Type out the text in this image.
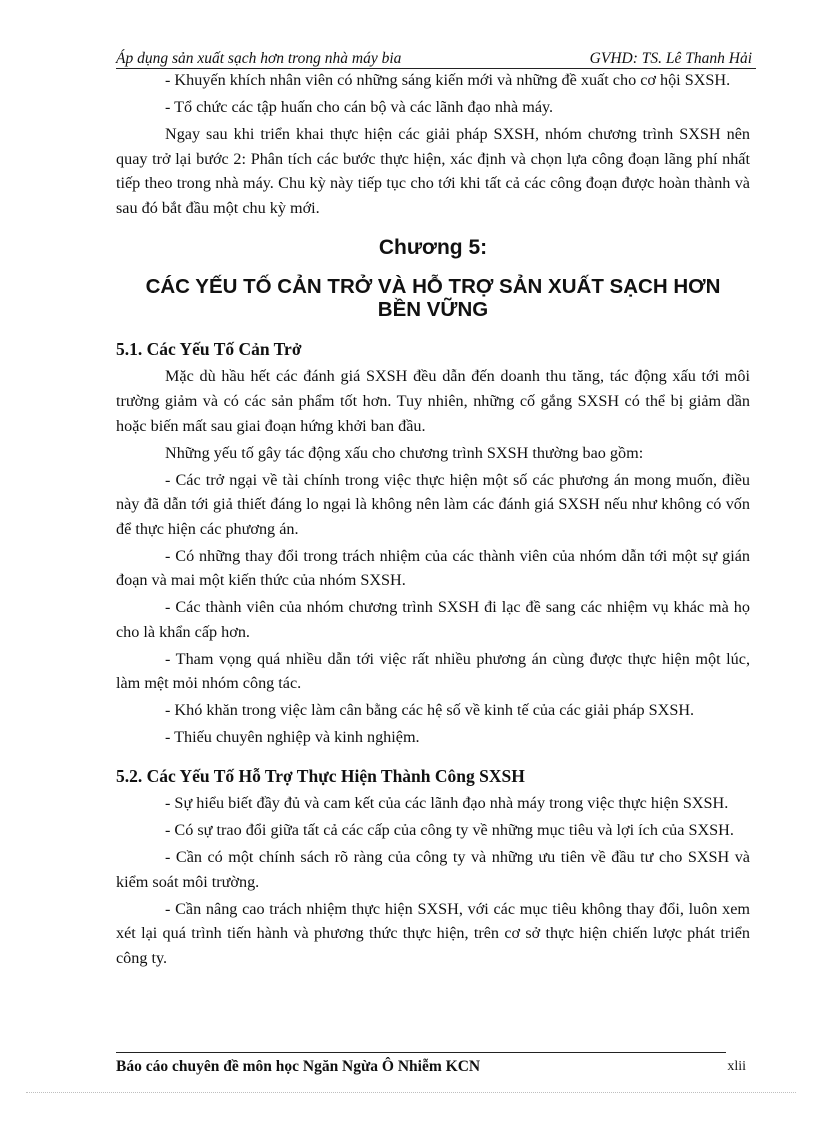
Áp dụng sản xuất sạch hơn trong nhà máy bia	GVHD: TS. Lê Thanh Hải

- Khuyến khích nhân viên có những sáng kiến mới và những đề xuất cho cơ hội SXSH.

- Tổ chức các tập huấn cho cán bộ và các lãnh đạo nhà máy.

Ngay sau khi triển khai thực hiện các giải pháp SXSH, nhóm chương trình SXSH nên quay trở lại bước 2: Phân tích các bước thực hiện, xác định và chọn lựa công đoạn lãng phí nhất tiếp theo trong nhà máy. Chu kỳ này tiếp tục cho tới khi tất cả các công đoạn được hoàn thành và sau đó bắt đầu một chu kỳ mới.

Chương 5:
CÁC YẾU TỐ CẢN TRỞ VÀ HỖ TRỢ SẢN XUẤT SẠCH HƠN
BỀN VỮNG
5.1. Các Yếu Tố Cản Trở

Mặc dù hầu hết các đánh giá SXSH đều dẫn đến doanh thu tăng, tác động xấu tới môi trường giảm và có các sản phẩm tốt hơn. Tuy nhiên, những cố gắng SXSH có thể bị giảm dần hoặc biến mất sau giai đoạn hứng khởi ban đầu.

Những yếu tố gây tác động xấu cho chương trình SXSH thường bao gồm:

- Các trở ngại về tài chính trong việc thực hiện một số các phương án mong muốn, điều này đã dẫn tới giả thiết đáng lo ngại là không nên làm các đánh giá SXSH nếu như không có vốn để thực hiện các phương án.

- Có những thay đổi trong trách nhiệm của các thành viên của nhóm dẫn tới một sự gián đoạn và mai một kiến thức của nhóm SXSH.

- Các thành viên của nhóm chương trình SXSH đi lạc đề sang các nhiệm vụ khác mà họ cho là khẩn cấp hơn.

- Tham vọng quá nhiều dẫn tới việc rất nhiều phương án cùng được thực hiện một lúc, làm mệt mỏi nhóm công tác.

- Khó khăn trong việc làm cân bằng các hệ số về kinh tế của các giải pháp SXSH.

- Thiếu chuyên nghiệp và kinh nghiệm.

5.2. Các Yếu Tố Hỗ Trợ Thực Hiện Thành Công SXSH

- Sự hiểu biết đầy đủ và cam kết của các lãnh đạo nhà máy trong việc thực hiện SXSH.

- Có sự trao đổi giữa tất cả các cấp của công ty về những mục tiêu và lợi ích của SXSH.

- Cần có một chính sách rõ ràng của công ty và những ưu tiên về đầu tư cho SXSH và kiểm soát môi trường.

- Cần nâng cao trách nhiệm thực hiện SXSH, với các mục tiêu không thay đổi, luôn xem xét lại quá trình tiến hành và phương thức thực hiện, trên cơ sở thực hiện chiến lược phát triển công ty.

Báo cáo chuyên đề môn học Ngăn Ngừa Ô Nhiễm KCN	xlii
